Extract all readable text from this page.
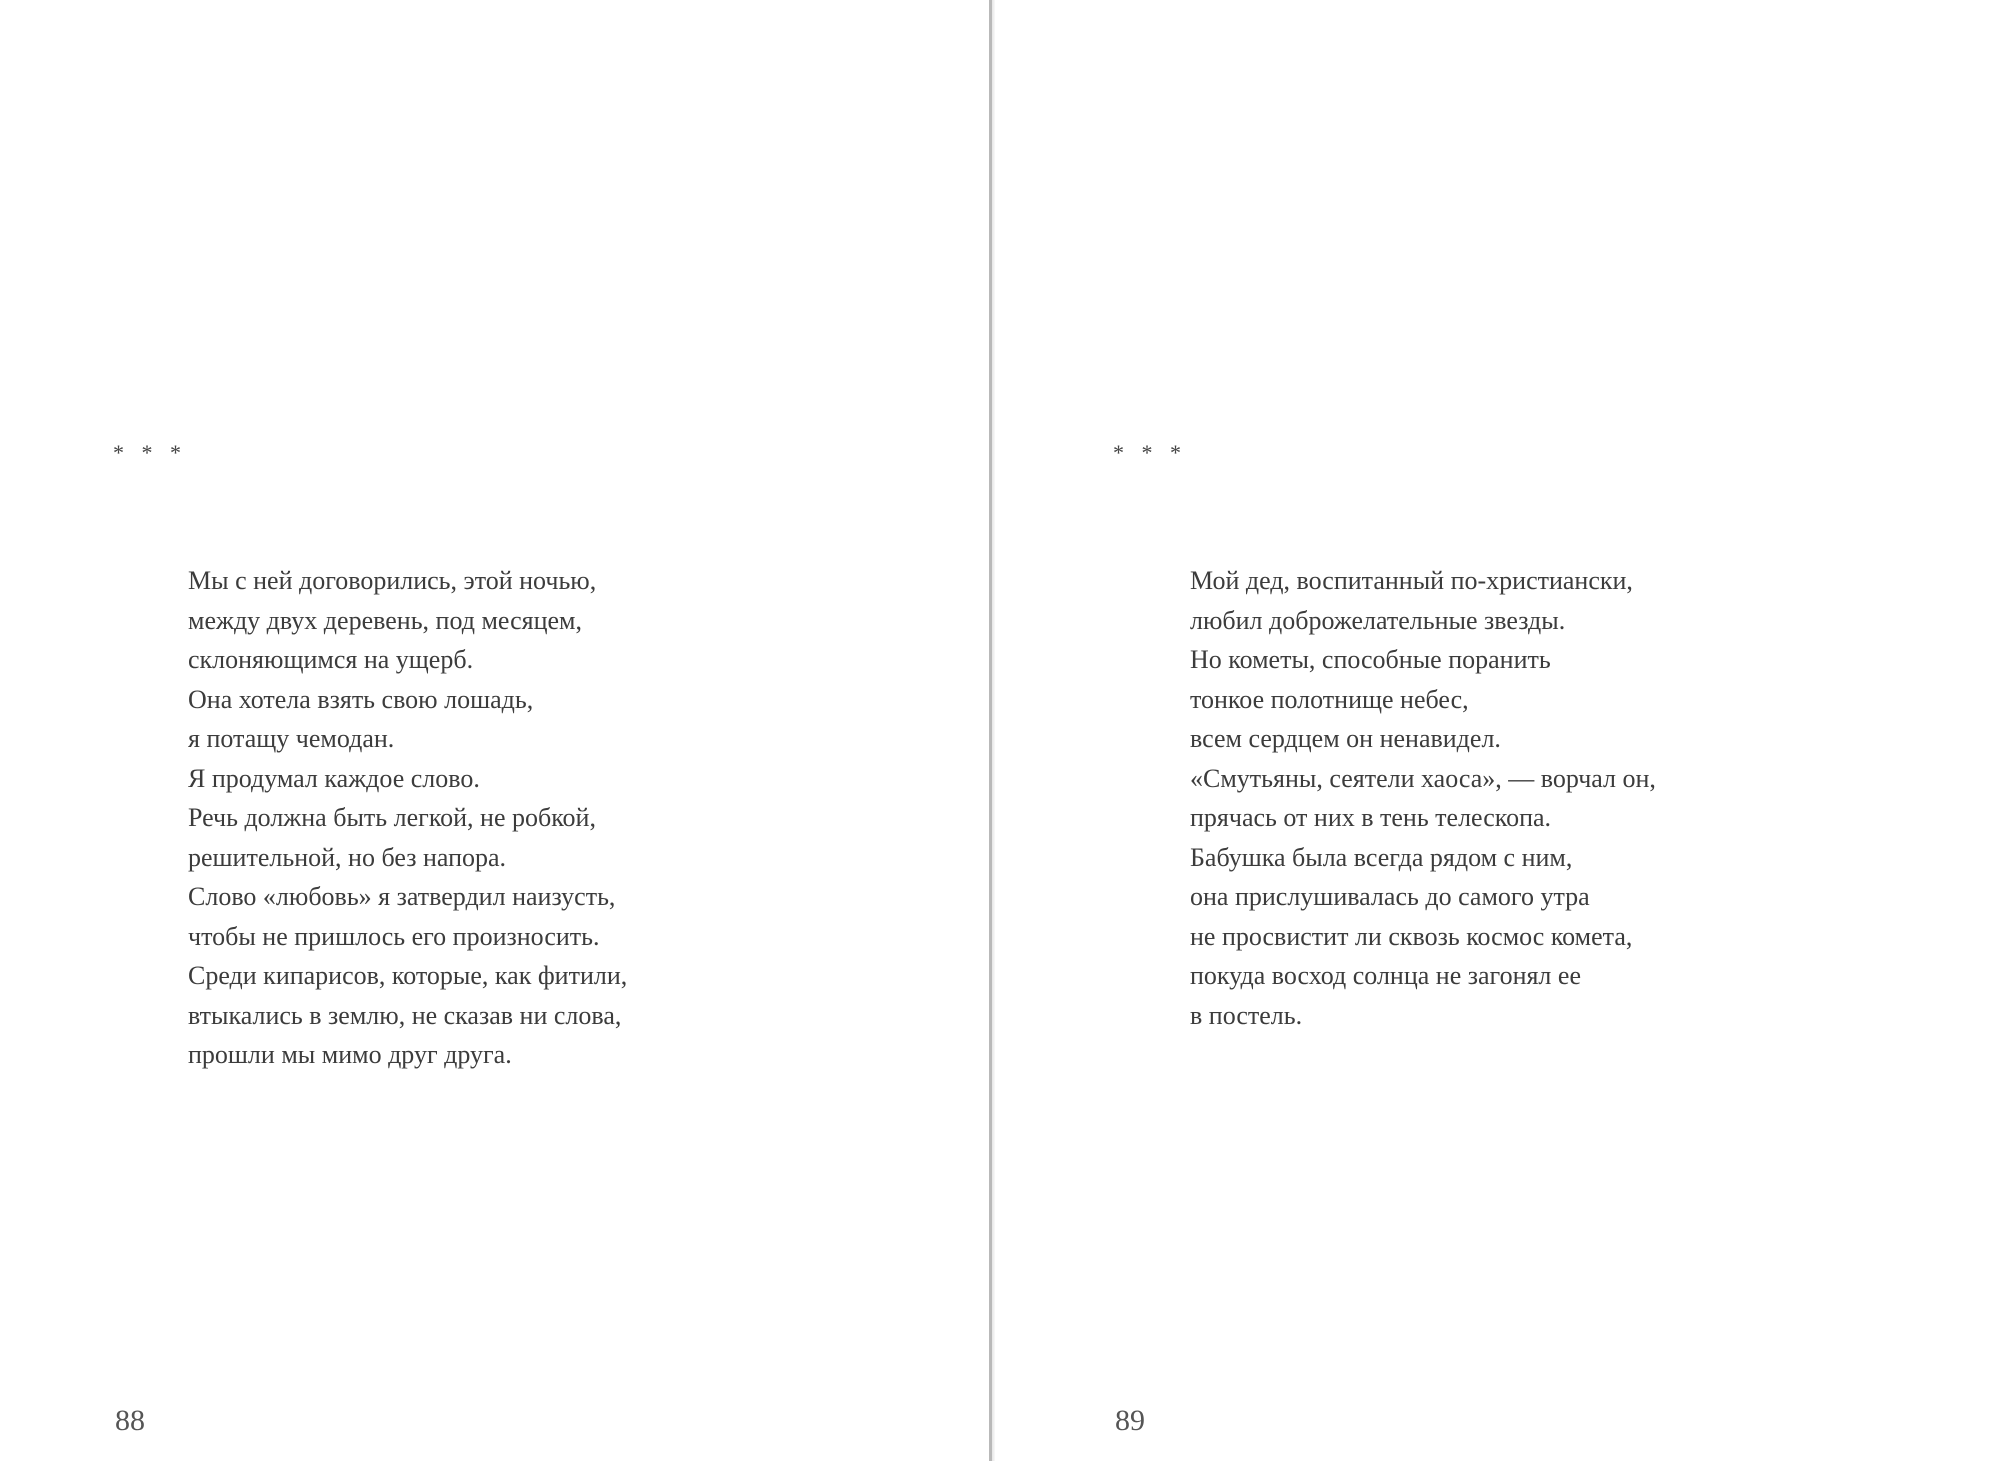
* * *
Мы с ней договорились, этой ночью,
между двух деревень, под месяцем,
склоняющимся на ущерб.
Она хотела взять свою лошадь,
я потащу чемодан.
Я продумал каждое слово.
Речь должна быть легкой, не робкой,
решительной, но без напора.
Слово «любовь» я затвердил наизусть,
чтобы не пришлось его произносить.
Среди кипарисов, которые, как фитили,
втыкались в землю, не сказав ни слова,
прошли мы мимо друг друга.
88
* * *
Мой дед, воспитанный по-христиански,
любил доброжелательные звезды.
Но кометы, способные поранить
тонкое полотнище небес,
всем сердцем он ненавидел.
«Смутьяны, сеятели хаоса», — ворчал он,
прячась от них в тень телескопа.
Бабушка была всегда рядом с ним,
она прислушивалась до самого утра
не просвистит ли сквозь космос комета,
покуда восход солнца не загонял ее
в постель.
89
